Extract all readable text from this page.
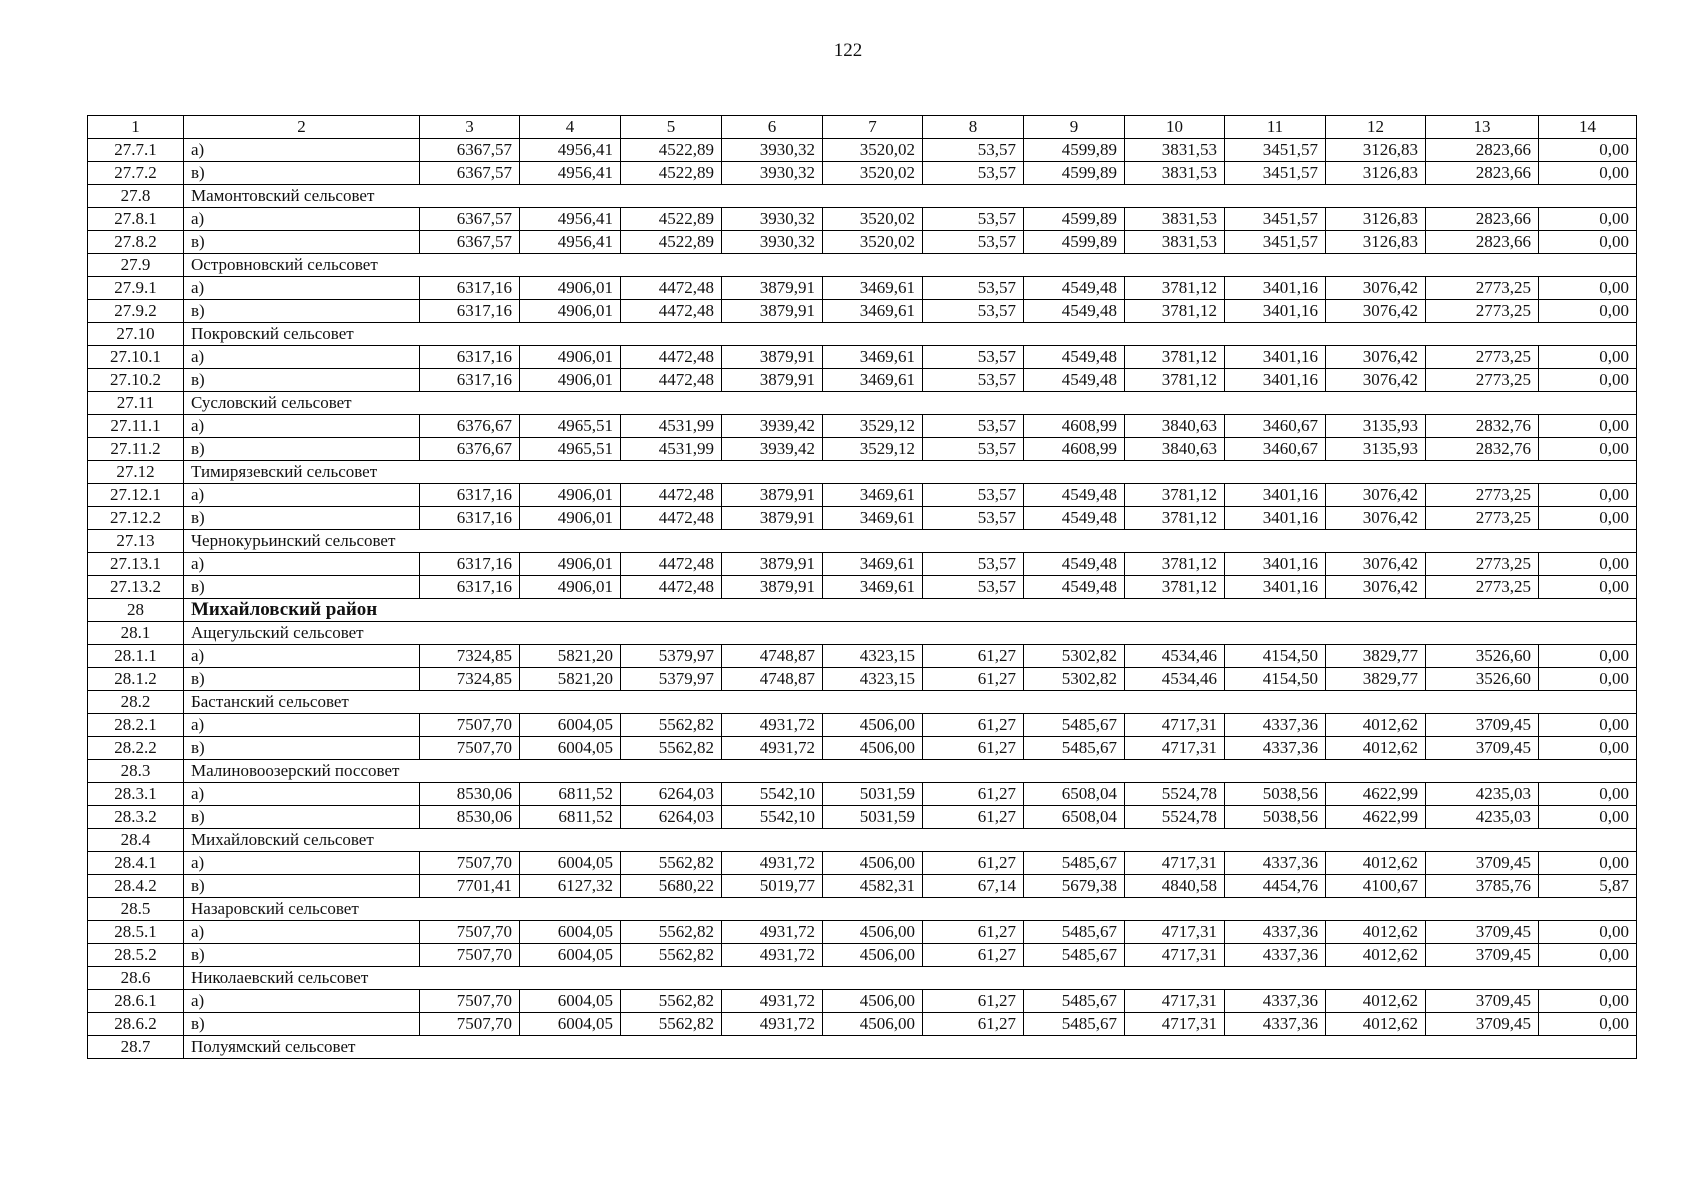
122
1	2	3	4	5	6	7	8	9	10	11	12	13	14
27.7.1	а)	6367,57	4956,41	4522,89	3930,32	3520,02	53,57	4599,89	3831,53	3451,57	3126,83	2823,66	0,00
27.7.2	в)	6367,57	4956,41	4522,89	3930,32	3520,02	53,57	4599,89	3831,53	3451,57	3126,83	2823,66	0,00
27.8	Мамонтовский сельсовет												
27.8.1	а)	6367,57	4956,41	4522,89	3930,32	3520,02	53,57	4599,89	3831,53	3451,57	3126,83	2823,66	0,00
27.8.2	в)	6367,57	4956,41	4522,89	3930,32	3520,02	53,57	4599,89	3831,53	3451,57	3126,83	2823,66	0,00
27.9	Островновский сельсовет												
27.9.1	а)	6317,16	4906,01	4472,48	3879,91	3469,61	53,57	4549,48	3781,12	3401,16	3076,42	2773,25	0,00
27.9.2	в)	6317,16	4906,01	4472,48	3879,91	3469,61	53,57	4549,48	3781,12	3401,16	3076,42	2773,25	0,00
27.10	Покровский сельсовет												
27.10.1	а)	6317,16	4906,01	4472,48	3879,91	3469,61	53,57	4549,48	3781,12	3401,16	3076,42	2773,25	0,00
27.10.2	в)	6317,16	4906,01	4472,48	3879,91	3469,61	53,57	4549,48	3781,12	3401,16	3076,42	2773,25	0,00
27.11	Сусловский сельсовет												
27.11.1	а)	6376,67	4965,51	4531,99	3939,42	3529,12	53,57	4608,99	3840,63	3460,67	3135,93	2832,76	0,00
27.11.2	в)	6376,67	4965,51	4531,99	3939,42	3529,12	53,57	4608,99	3840,63	3460,67	3135,93	2832,76	0,00
27.12	Тимирязевский сельсовет												
27.12.1	а)	6317,16	4906,01	4472,48	3879,91	3469,61	53,57	4549,48	3781,12	3401,16	3076,42	2773,25	0,00
27.12.2	в)	6317,16	4906,01	4472,48	3879,91	3469,61	53,57	4549,48	3781,12	3401,16	3076,42	2773,25	0,00
27.13	Чернокурьинский сельсовет												
27.13.1	а)	6317,16	4906,01	4472,48	3879,91	3469,61	53,57	4549,48	3781,12	3401,16	3076,42	2773,25	0,00
27.13.2	в)	6317,16	4906,01	4472,48	3879,91	3469,61	53,57	4549,48	3781,12	3401,16	3076,42	2773,25	0,00
28	Михайловский район												
28.1	Ащегульский сельсовет												
28.1.1	а)	7324,85	5821,20	5379,97	4748,87	4323,15	61,27	5302,82	4534,46	4154,50	3829,77	3526,60	0,00
28.1.2	в)	7324,85	5821,20	5379,97	4748,87	4323,15	61,27	5302,82	4534,46	4154,50	3829,77	3526,60	0,00
28.2	Бастанский сельсовет												
28.2.1	а)	7507,70	6004,05	5562,82	4931,72	4506,00	61,27	5485,67	4717,31	4337,36	4012,62	3709,45	0,00
28.2.2	в)	7507,70	6004,05	5562,82	4931,72	4506,00	61,27	5485,67	4717,31	4337,36	4012,62	3709,45	0,00
28.3	Малиновоозерский поссовет												
28.3.1	а)	8530,06	6811,52	6264,03	5542,10	5031,59	61,27	6508,04	5524,78	5038,56	4622,99	4235,03	0,00
28.3.2	в)	8530,06	6811,52	6264,03	5542,10	5031,59	61,27	6508,04	5524,78	5038,56	4622,99	4235,03	0,00
28.4	Михайловский сельсовет												
28.4.1	а)	7507,70	6004,05	5562,82	4931,72	4506,00	61,27	5485,67	4717,31	4337,36	4012,62	3709,45	0,00
28.4.2	в)	7701,41	6127,32	5680,22	5019,77	4582,31	67,14	5679,38	4840,58	4454,76	4100,67	3785,76	5,87
28.5	Назаровский сельсовет												
28.5.1	а)	7507,70	6004,05	5562,82	4931,72	4506,00	61,27	5485,67	4717,31	4337,36	4012,62	3709,45	0,00
28.5.2	в)	7507,70	6004,05	5562,82	4931,72	4506,00	61,27	5485,67	4717,31	4337,36	4012,62	3709,45	0,00
28.6	Николаевский сельсовет												
28.6.1	а)	7507,70	6004,05	5562,82	4931,72	4506,00	61,27	5485,67	4717,31	4337,36	4012,62	3709,45	0,00
28.6.2	в)	7507,70	6004,05	5562,82	4931,72	4506,00	61,27	5485,67	4717,31	4337,36	4012,62	3709,45	0,00
28.7	Полуямский сельсовет												
